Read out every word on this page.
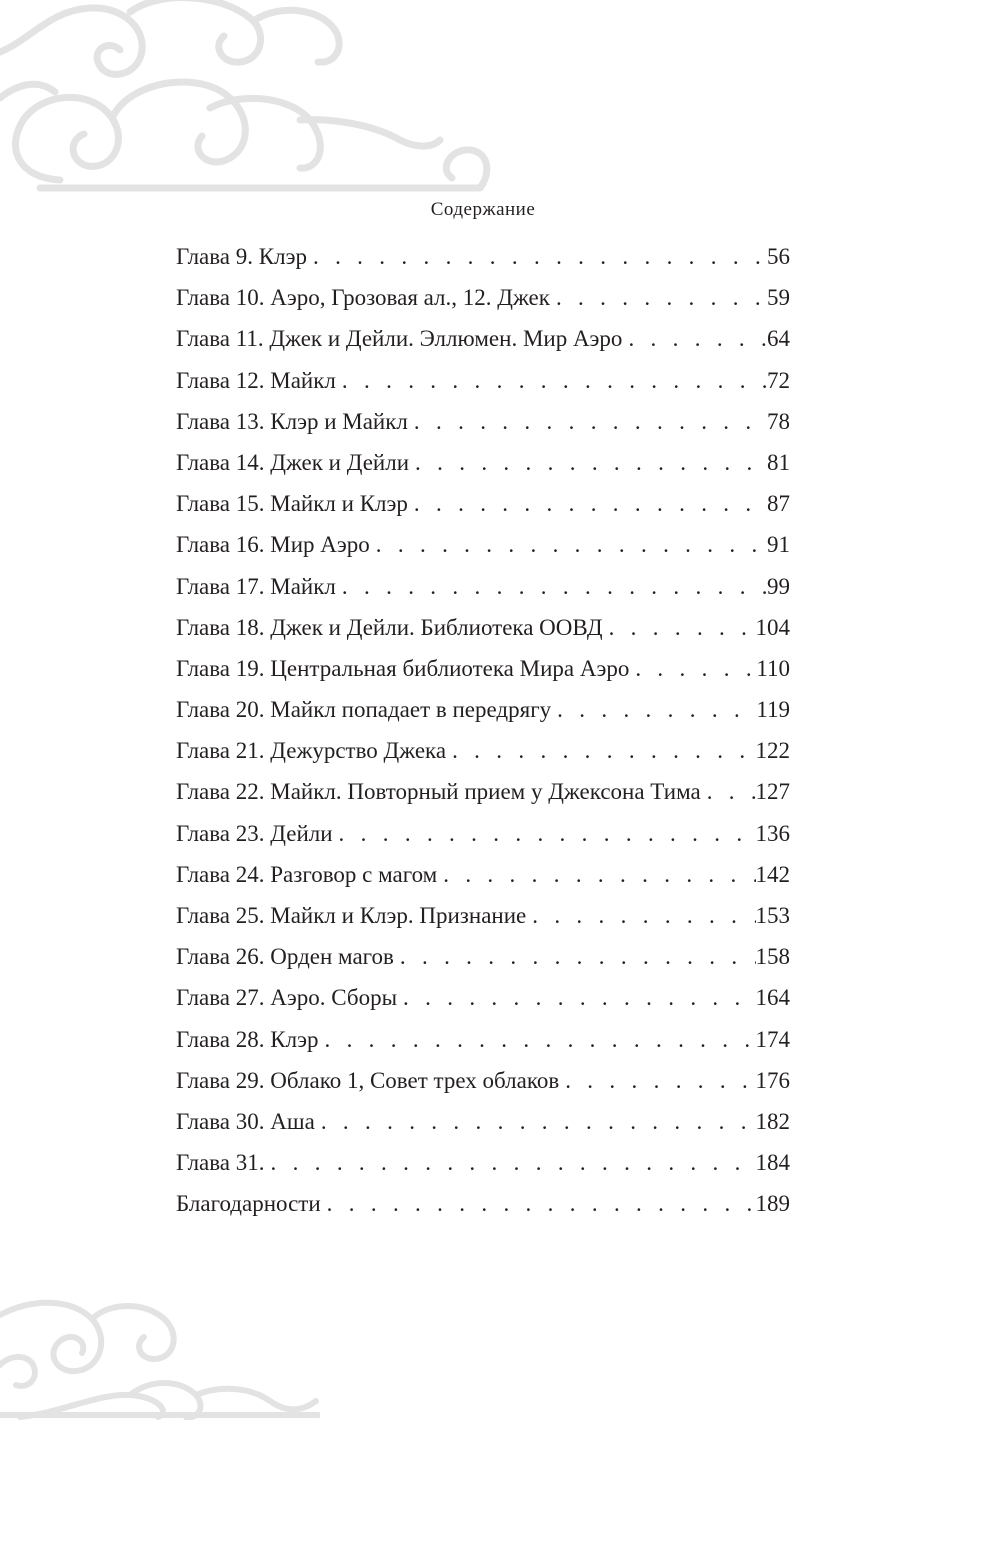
Содержание
Глава 9. Клэр . . .	56
Глава 10. Аэро, Грозовая ал., 12. Джек . . .	59
Глава 11. Джек и Дейли. Эллюмен. Мир Аэро . . .	64
Глава 12. Майкл . . .	72
Глава 13. Клэр и Майкл . . .	78
Глава 14. Джек и Дейли . . .	81
Глава 15. Майкл и Клэр . . .	87
Глава 16. Мир Аэро . . .	91
Глава 17. Майкл . . .	99
Глава 18. Джек и Дейли. Библиотека ООВД . . .	104
Глава 19. Центральная библиотека Мира Аэро . . .	110
Глава 20. Майкл попадает в передрягу . . .	119
Глава 21. Дежурство Джека . . .	122
Глава 22. Майкл. Повторный прием у Джексона Тима . . . 127
Глава 23. Дейли . . .	136
Глава 24. Разговор с магом . . .	142
Глава 25. Майкл и Клэр. Признание . . .	153
Глава 26. Орден магов . . .	158
Глава 27. Аэро. Сборы . . .	164
Глава 28. Клэр . . .	174
Глава 29. Облако 1, Совет трех облаков . . .	176
Глава 30. Аша . . .	182
Глава 31. . . .	184
Благодарности . . .	189
